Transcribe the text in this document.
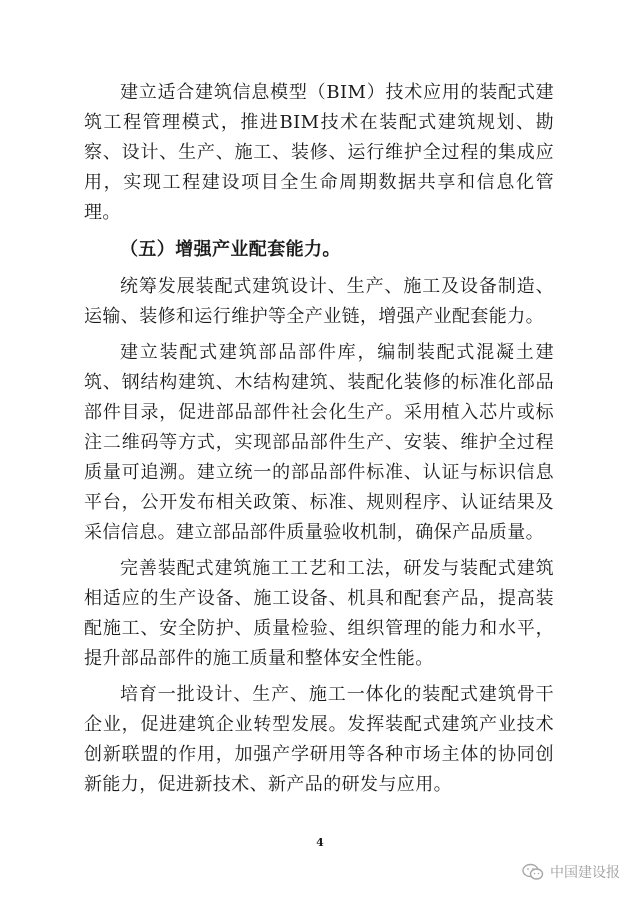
建立适合建筑信息模型（BIM）技术应用的装配式建筑工程管理模式，推进BIM技术在装配式建筑规划、勘察、设计、生产、施工、装修、运行维护全过程的集成应用，实现工程建设项目全生命周期数据共享和信息化管理。

（五）增强产业配套能力。

统筹发展装配式建筑设计、生产、施工及设备制造、运输、装修和运行维护等全产业链，增强产业配套能力。

建立装配式建筑部品部件库，编制装配式混凝土建筑、钢结构建筑、木结构建筑、装配化装修的标准化部品部件目录，促进部品部件社会化生产。采用植入芯片或标注二维码等方式，实现部品部件生产、安装、维护全过程质量可追溯。建立统一的部品部件标准、认证与标识信息平台，公开发布相关政策、标准、规则程序、认证结果及采信信息。建立部品部件质量验收机制，确保产品质量。

完善装配式建筑施工工艺和工法，研发与装配式建筑相适应的生产设备、施工设备、机具和配套产品，提高装配施工、安全防护、质量检验、组织管理的能力和水平，提升部品部件的施工质量和整体安全性能。

培育一批设计、生产、施工一体化的装配式建筑骨干企业，促进建筑企业转型发展。发挥装配式建筑产业技术创新联盟的作用，加强产学研用等各种市场主体的协同创新能力，促进新技术、新产品的研发与应用。

4
中国建设报
